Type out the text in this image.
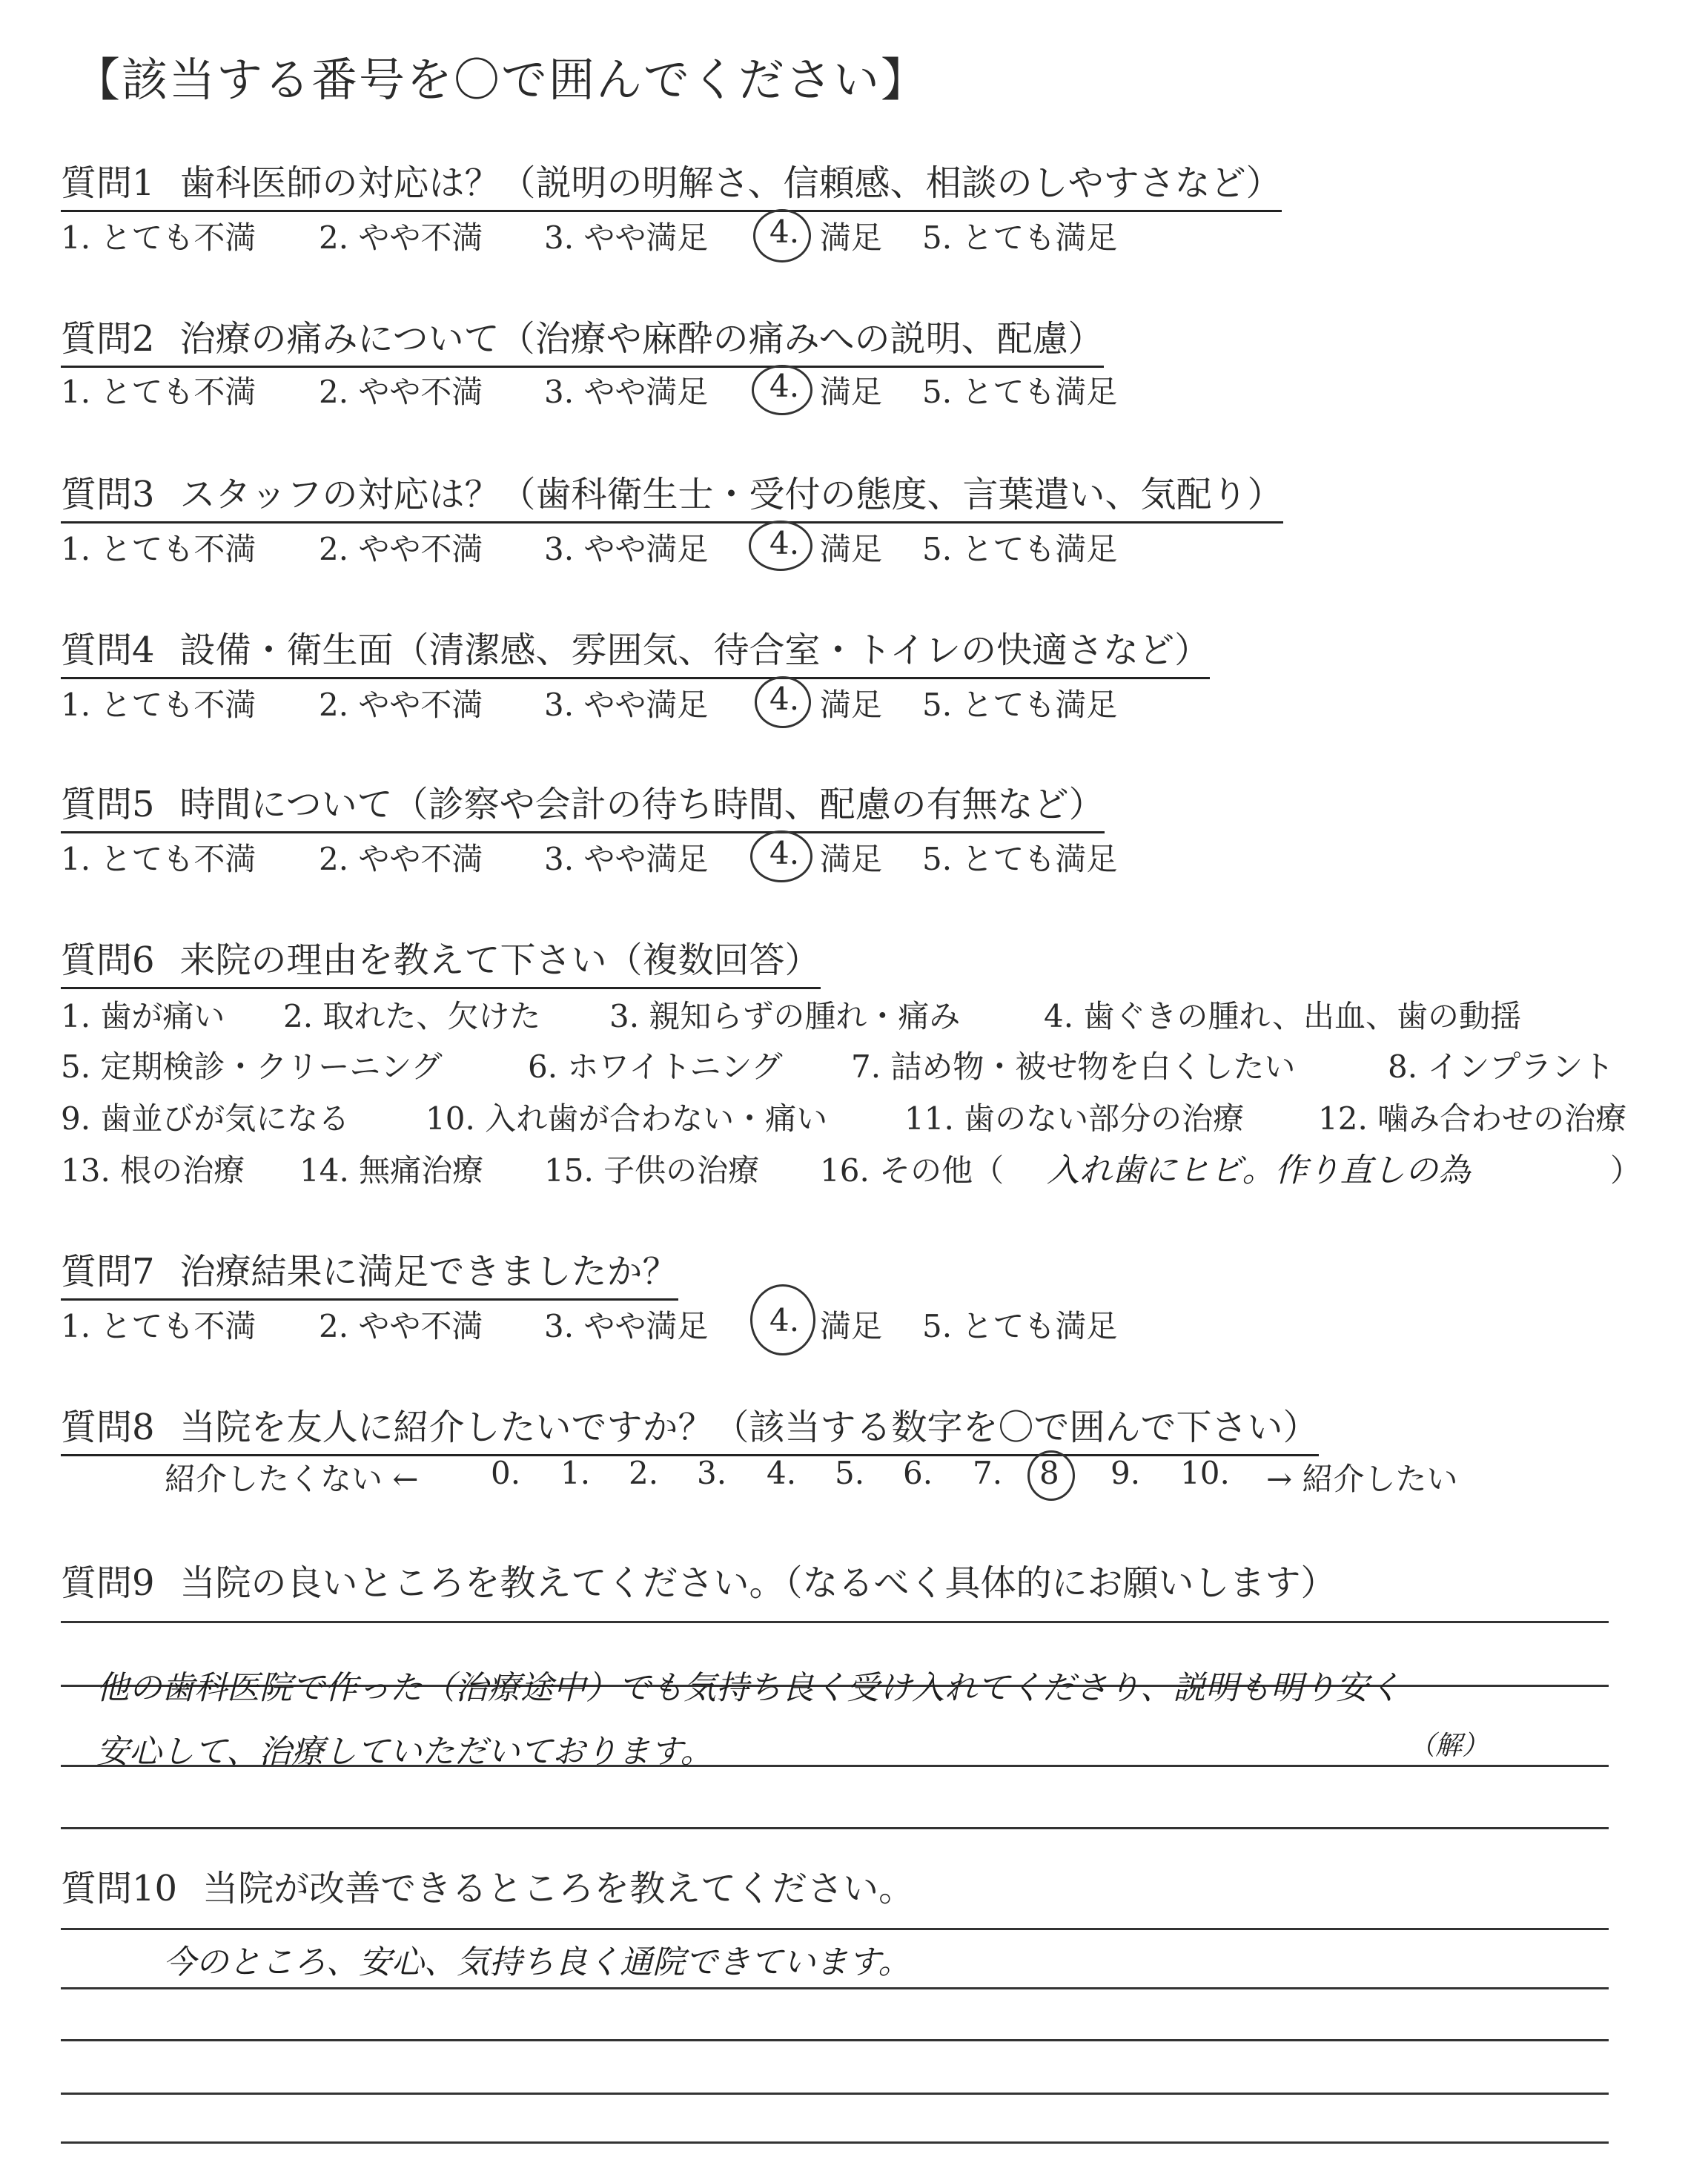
【該当する番号を〇で囲んでください】
質問1 歯科医師の対応は？（説明の明解さ、信頼感、相談のしやすさなど）
1. とても不満 2. やや不満 3. やや満足 4. 満足 5. とても満足
質問2 治療の痛みについて（治療や麻酔の痛みへの説明、配慮）
1. とても不満 2. やや不満 3. やや満足 4. 満足 5. とても満足
質問3 スタッフの対応は？（歯科衛生士・受付の態度、言葉遣い、気配り）
1. とても不満 2. やや不満 3. やや満足 4. 満足 5. とても満足
質問4 設備・衛生面（清潔感、雰囲気、待合室・トイレの快適さなど）
1. とても不満 2. やや不満 3. やや満足 4. 満足 5. とても満足
質問5 時間について（診察や会計の待ち時間、配慮の有無など）
1. とても不満 2. やや不満 3. やや満足 4. 満足 5. とても満足
質問6 来院の理由を教えて下さい（複数回答）
1. 歯が痛い 2. 取れた、欠けた 3. 親知らずの腫れ・痛み	4. 歯ぐきの腫れ、出血、歯の動揺
5. 定期検診・クリーニング	6. ホワイトニング 7. 詰め物・被せ物を白くしたい	8. インプラント
9. 歯並びが気になる 10. 入れ歯が合わない・痛い 11. 歯のない部分の治療 12. 噛み合わせの治療
13. 根の治療 14. 無痛治療 15. 子供の治療 16. その他（ 入れ歯にヒビ。作り直しの為	）
質問7 治療結果に満足できましたか？
1. とても不満 2. やや不満 3. やや満足 4. 満足 5. とても満足
質問8 当院を友人に紹介したいですか？（該当する数字を〇で囲んで下さい）
紹介したくない ← 0. 1. 2. 3. 4. 5. 6. 7. 8 9. 10. → 紹介したい
質問9 当院の良いところを教えてください。（なるべく具体的にお願いします）
他の歯科医院で作った（治療途中）でも気持ち良く受け入れてくださり、説明も明り安く
（解）
安心して、治療していただいております。
質問10 当院が改善できるところを教えてください。
今のところ、安心、気持ち良く通院できています。
